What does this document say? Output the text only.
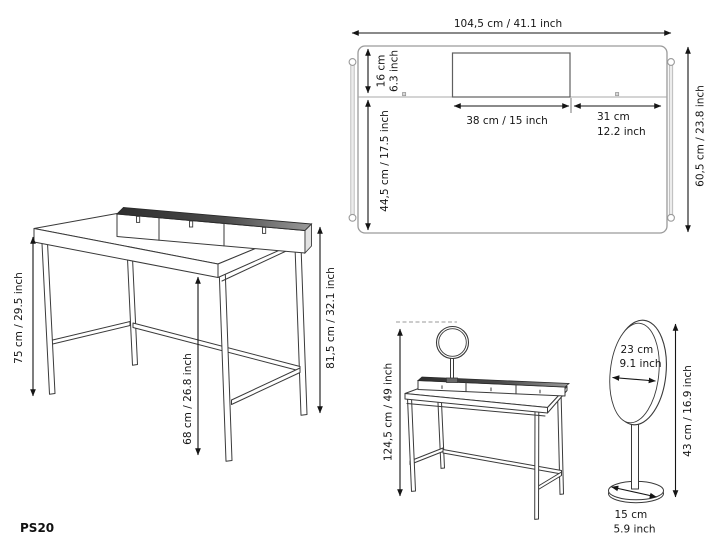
104,5 cm / 41.1 inch
16 cm 6.3 inch
44,5 cm / 17.5 inch	38 cm / 15 inch	31 cm
12.2 inch	60,5 cm / 23.8 inch
75 cm / 29.5 inch
68 cm / 26.8 inch
81,5 cm / 32.1 inch
124,5 cm / 49 inch
23 cm
9.1 inch
43 cm / 16.9 inch
15 cm
5.9 inch
PS20
